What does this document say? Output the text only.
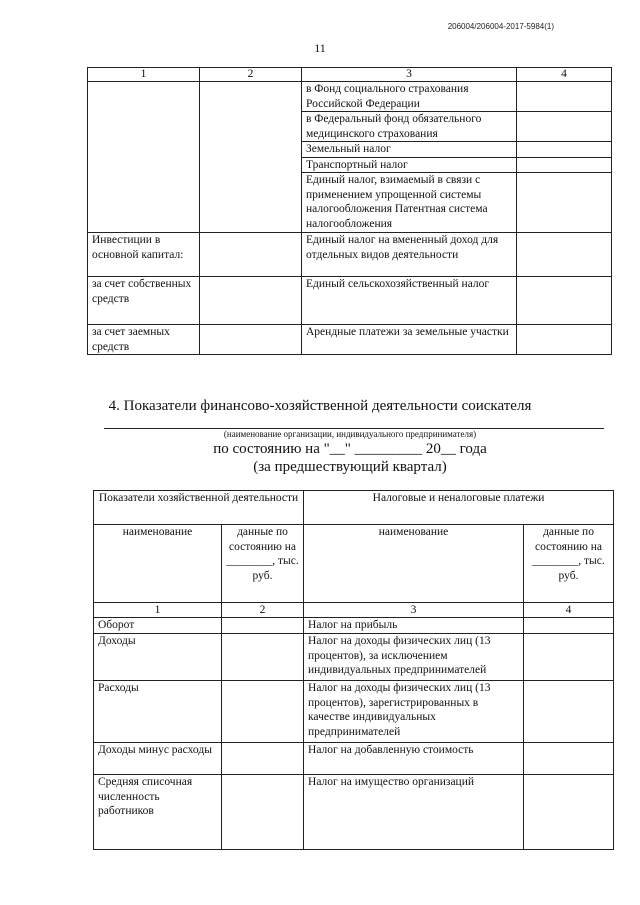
206004/206004-2017-5984(1)
11
1	2	3	4
		в Фонд социального страхования Российской Федерации	
		в Федеральный фонд обязательного медицинского страхования	
		Земельный налог	
		Транспортный налог	
		Единый налог, взимаемый в связи с применением упрощенной системы налогообложения Патентная система налогообложения	
Инвестиции в основной капитал:		Единый налог на вмененный доход для отдельных видов деятельности	
за счет собственных средств		Единый сельскохозяйственный налог	
за счет заемных средств		Арендные платежи за земельные участки	
4. Показатели финансово-хозяйственной деятельности соискателя
(наименование организации, индивидуального предпринимателя)
по состоянию на "__" _________ 20__ года
(за предшествующий квартал)
Показатели хозяйственной деятельности		Налоговые и неналоговые платежи	
наименование	данные по состоянию на ________, тыс. руб.	наименование	данные по состоянию на ________, тыс. руб.
1	2	3	4
Оборот		Налог на прибыль	
Доходы		Налог на доходы физических лиц (13 процентов), за исключением индивидуальных предпринимателей	
Расходы		Налог на доходы физических лиц (13 процентов), зарегистрированных в качестве индивидуальных предпринимателей	
Доходы минус расходы		Налог на добавленную стоимость	
Средняя списочная численность работников		Налог на имущество организаций	
